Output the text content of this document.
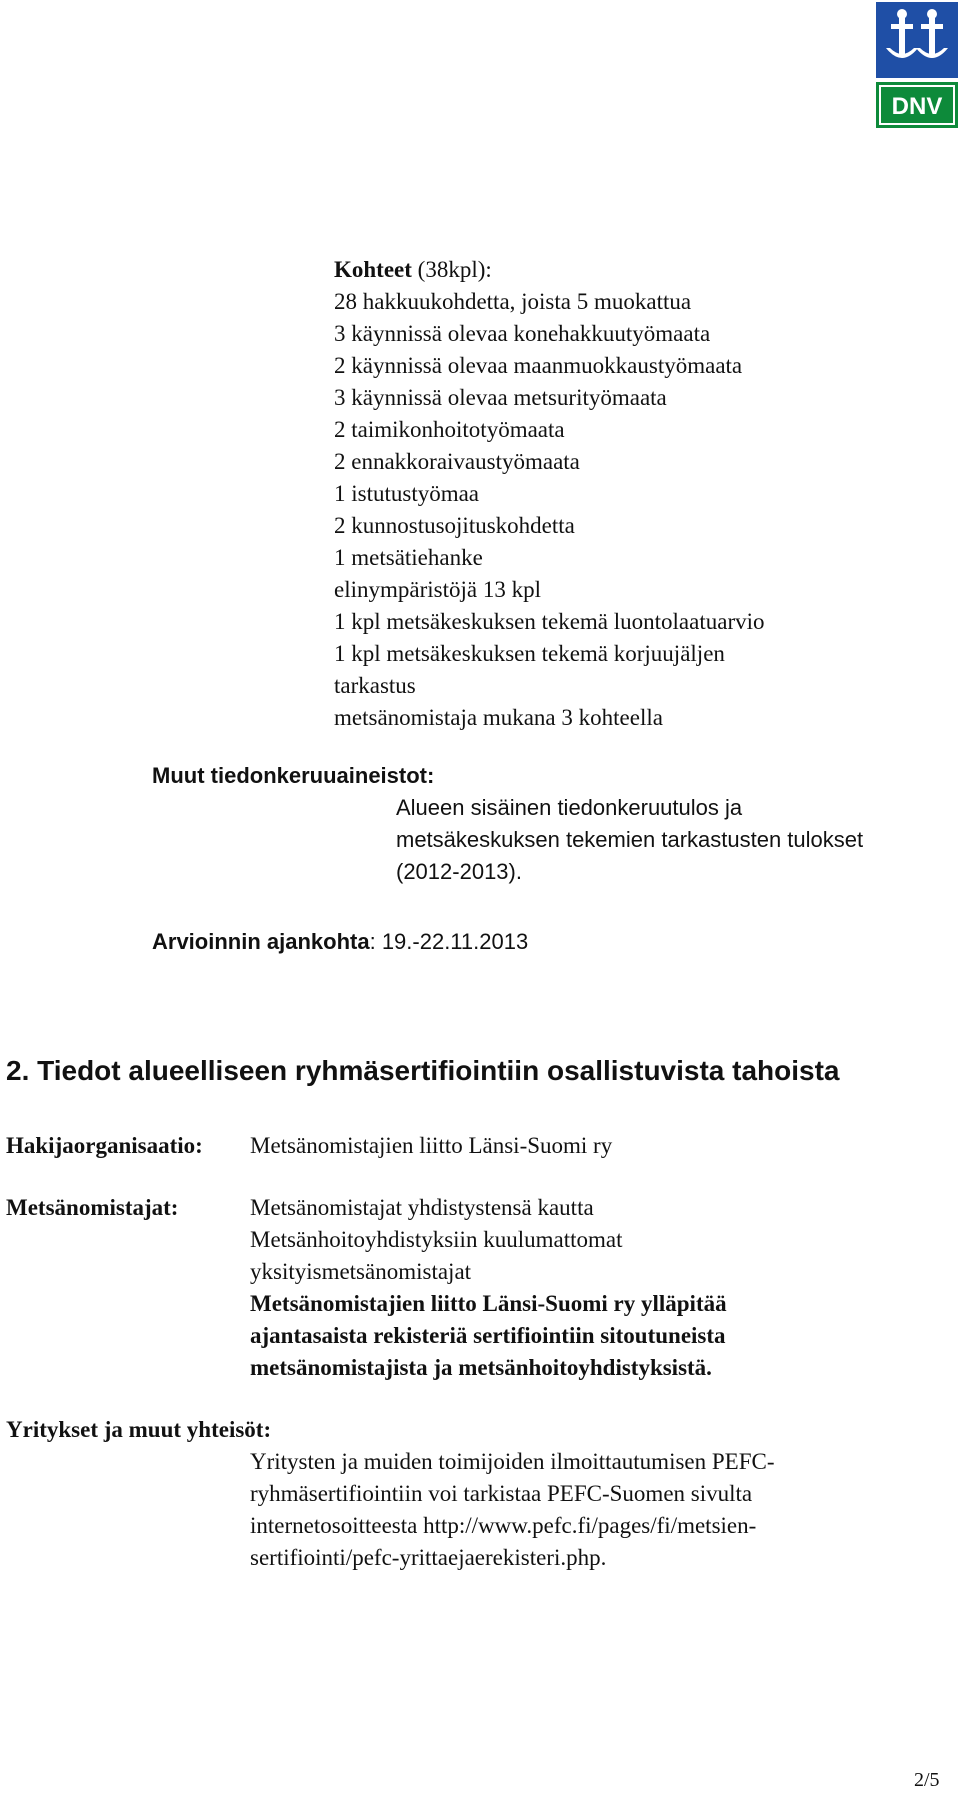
DNV
Kohteet (38kpl):
28 hakkuukohdetta, joista 5 muokattua
3 käynnissä olevaa konehakkuutyömaata
2 käynnissä olevaa maanmuokkaustyömaata
3 käynnissä olevaa metsurityömaata
2 taimikonhoitotyömaata
2 ennakkoraivaustyömaata
1 istutustyömaa
2 kunnostusojituskohdetta
1 metsätiehanke
elinympäristöjä 13 kpl
1 kpl metsäkeskuksen tekemä luontolaatuarvio
1 kpl metsäkeskuksen tekemä korjuujäljen
tarkastus
metsänomistaja mukana 3 kohteella
Muut tiedonkeruuaineistot:
Alueen sisäinen tiedonkeruutulos ja
metsäkeskuksen tekemien tarkastusten tulokset
(2012-2013).
Arvioinnin ajankohta: 19.-22.11.2013
2. Tiedot alueelliseen ryhmäsertifiointiin osallistuvista tahoista
Hakijaorganisaatio: Metsänomistajien liitto Länsi-Suomi ry
Metsänomistajat:	Metsänomistajat yhdistystensä kautta
Metsänhoitoyhdistyksiin kuulumattomat
yksityismetsänomistajat
Metsänomistajien liitto Länsi-Suomi ry ylläpitää
ajantasaista rekisteriä sertifiointiin sitoutuneista
metsänomistajista ja metsänhoitoyhdistyksistä.
Yritykset ja muut yhteisöt:
Yritysten ja muiden toimijoiden ilmoittautumisen PEFC-
ryhmäsertifiointiin voi tarkistaa PEFC-Suomen sivulta
internetosoitteesta http://www.pefc.fi/pages/fi/metsien-
sertifiointi/pefc-yrittaejaerekisteri.php.
2/5
